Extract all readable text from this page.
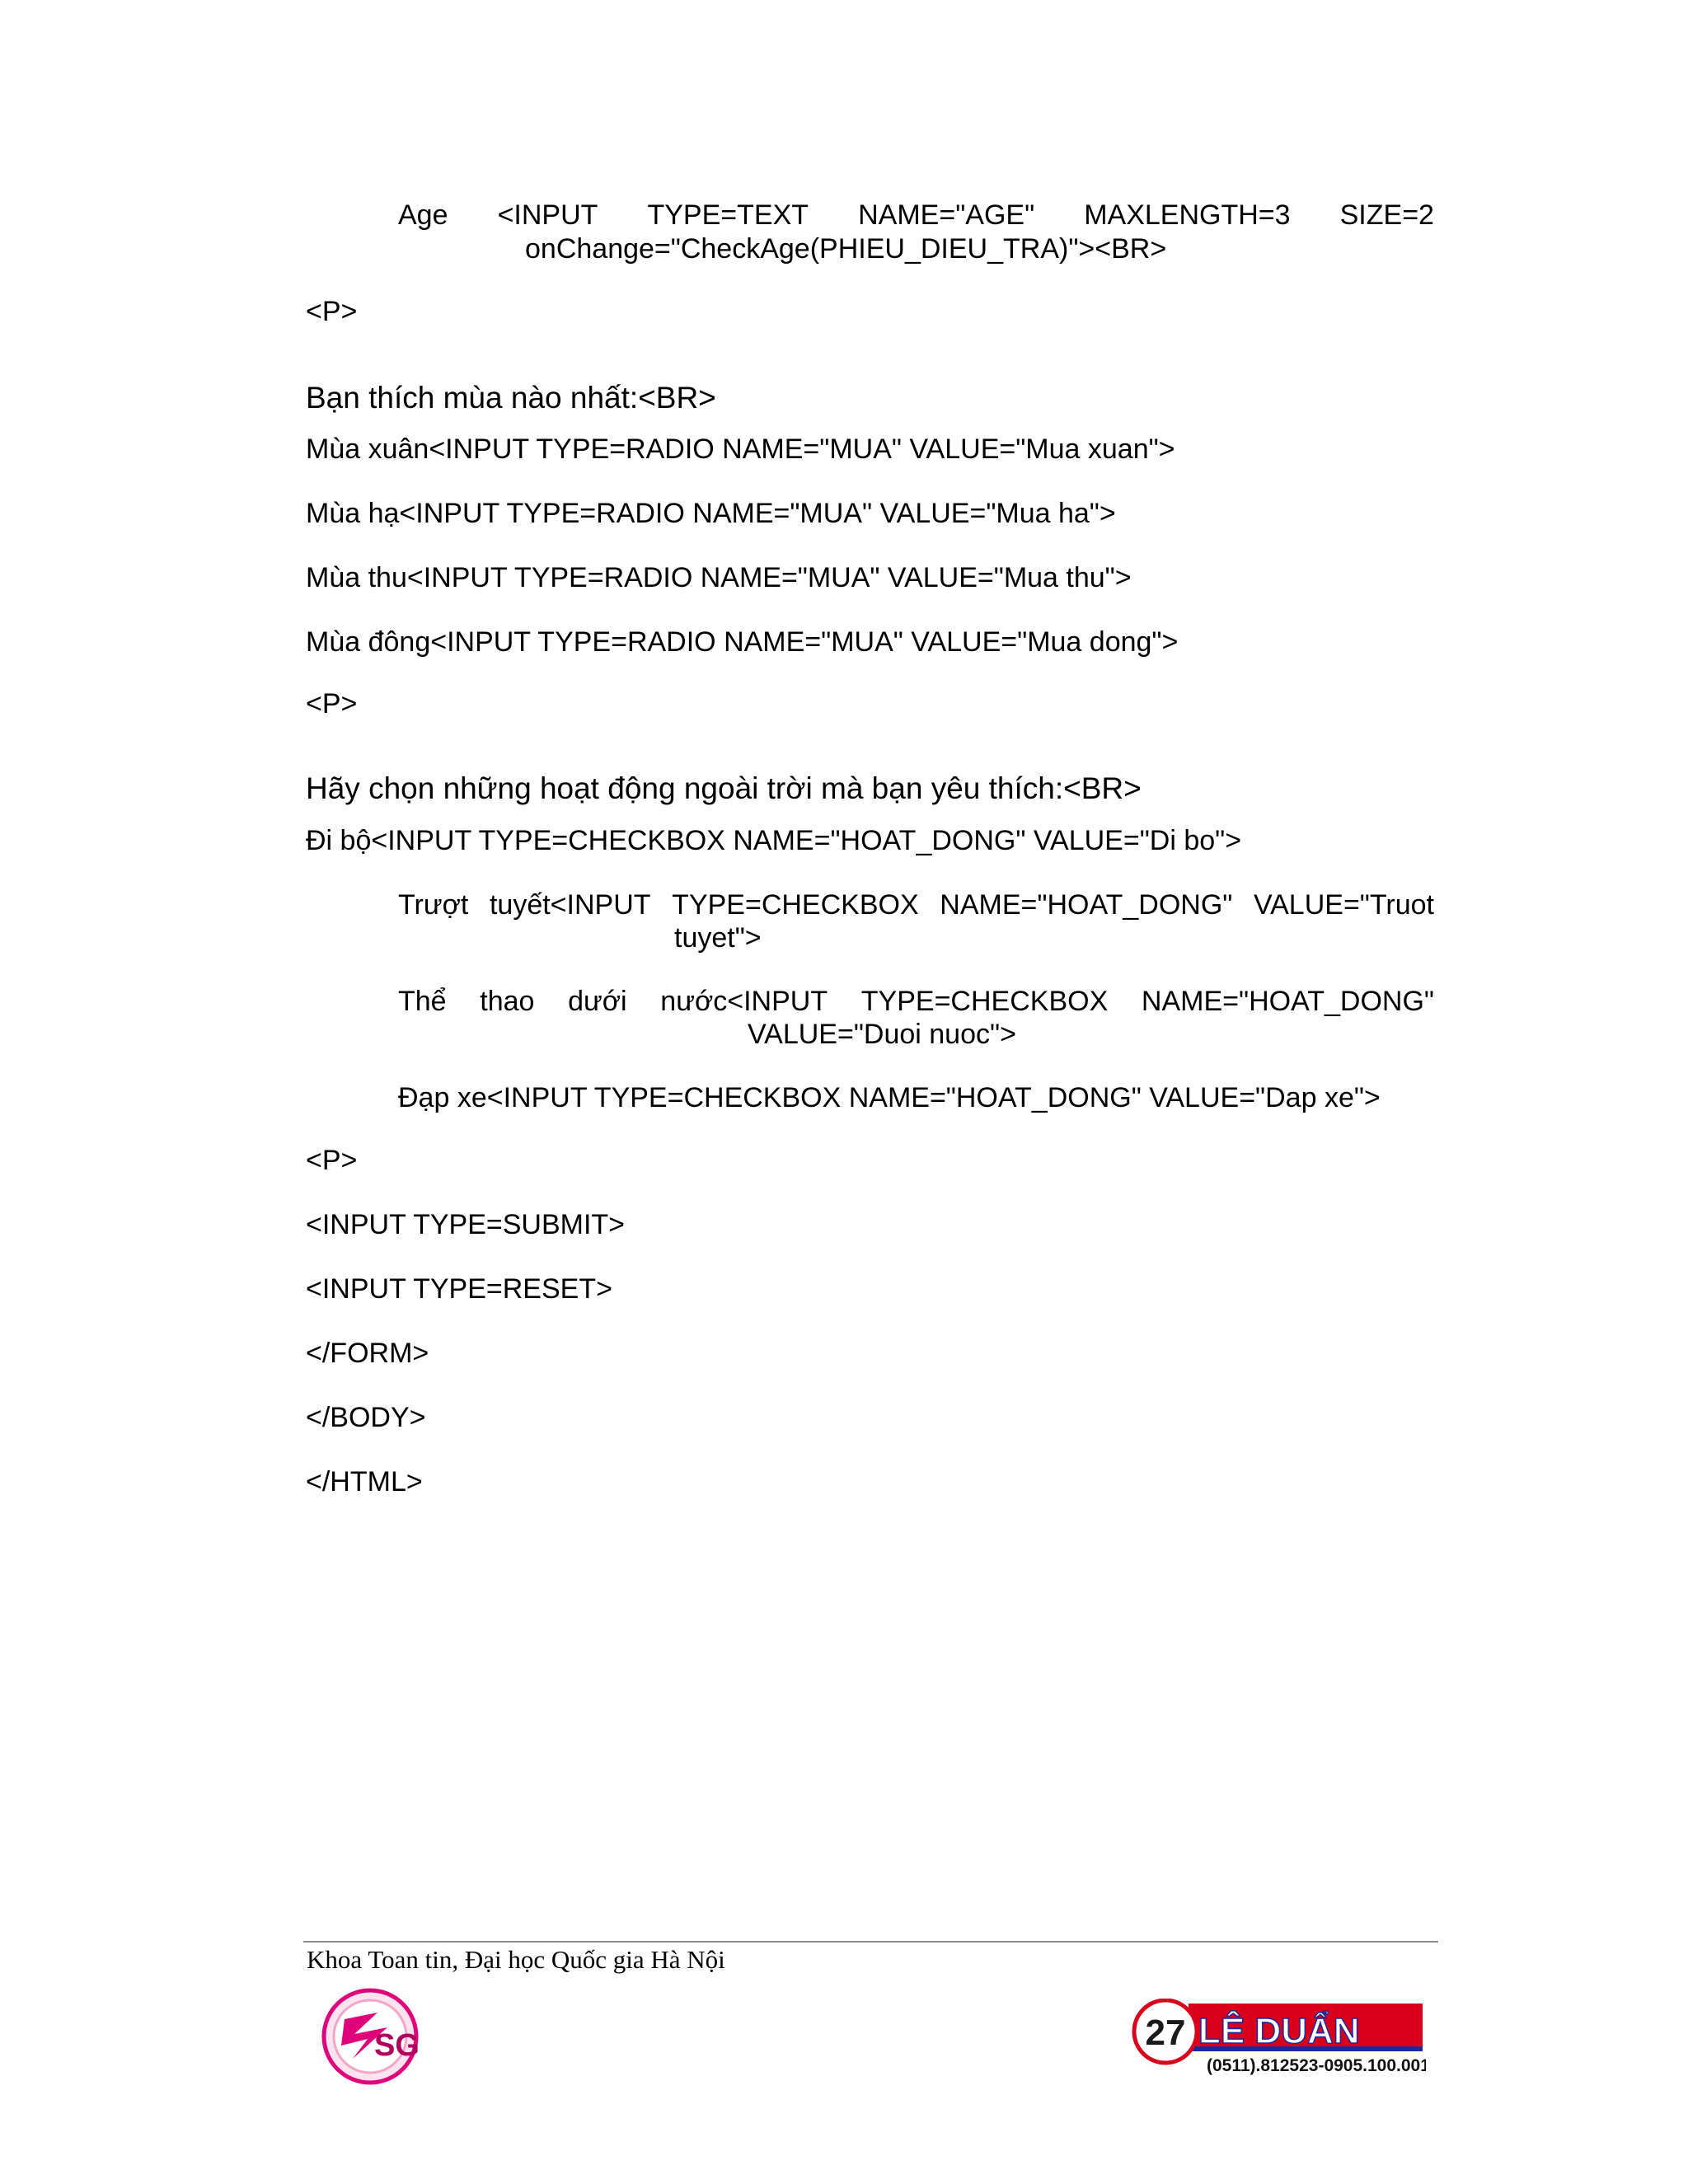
Age <INPUT TYPE=TEXT NAME="AGE" MAXLENGTH=3 SIZE=2

onChange="CheckAge(PHIEU_DIEU_TRA)"><BR>

<P>

Bạn thích mùa nào nhất:<BR>

Mùa xuân<INPUT TYPE=RADIO NAME="MUA" VALUE="Mua xuan">

Mùa hạ<INPUT TYPE=RADIO NAME="MUA" VALUE="Mua ha">

Mùa thu<INPUT TYPE=RADIO NAME="MUA" VALUE="Mua thu">

Mùa đông<INPUT TYPE=RADIO NAME="MUA" VALUE="Mua dong">

<P>

Hãy chọn những hoạt động ngoài trời mà bạn yêu thích:<BR>

Đi bộ<INPUT TYPE=CHECKBOX NAME="HOAT_DONG" VALUE="Di bo">

Trượt tuyết<INPUT TYPE=CHECKBOX NAME="HOAT_DONG" VALUE="Truot

tuyet">

Thể thao dưới nước<INPUT TYPE=CHECKBOX NAME="HOAT_DONG"

VALUE="Duoi nuoc">

Đạp xe<INPUT TYPE=CHECKBOX NAME="HOAT_DONG" VALUE="Dap xe">

<P>

<INPUT TYPE=SUBMIT>

<INPUT TYPE=RESET>

</FORM>

</BODY>

</HTML>

Khoa Toan tin, Đại học Quốc gia Hà Nội
SG	27 LÊ DUẨN
(0511).812523-0905.100.001
